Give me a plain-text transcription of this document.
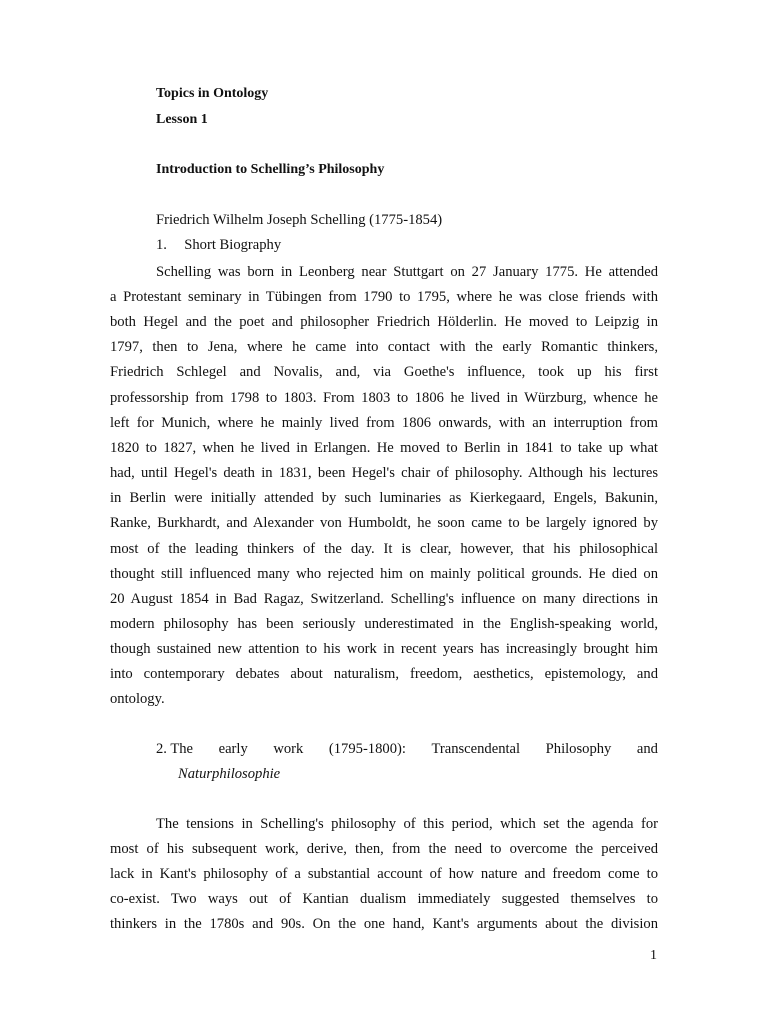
Topics in Ontology
Lesson 1
Introduction to Schelling’s Philosophy
Friedrich Wilhelm Joseph Schelling (1775-1854)
1. Short Biography
Schelling was born in Leonberg near Stuttgart on 27 January 1775. He attended
a Protestant seminary in Tübingen from 1790 to 1795, where he was close friends with
both Hegel and the poet and philosopher Friedrich Hölderlin. He moved to Leipzig in
1797, then to Jena, where he came into contact with the early Romantic thinkers,
Friedrich Schlegel and Novalis, and, via Goethe's influence, took up his first
professorship from 1798 to 1803. From 1803 to 1806 he lived in Würzburg, whence he
left for Munich, where he mainly lived from 1806 onwards, with an interruption from
1820 to 1827, when he lived in Erlangen. He moved to Berlin in 1841 to take up what
had, until Hegel's death in 1831, been Hegel's chair of philosophy. Although his lectures
in Berlin were initially attended by such luminaries as Kierkegaard, Engels, Bakunin,
Ranke, Burkhardt, and Alexander von Humboldt, he soon came to be largely ignored by
most of the leading thinkers of the day. It is clear, however, that his philosophical
thought still influenced many who rejected him on mainly political grounds. He died on
20 August 1854 in Bad Ragaz, Switzerland. Schelling's influence on many directions in
modern philosophy has been seriously underestimated in the English-speaking world,
though sustained new attention to his work in recent years has increasingly brought him
into contemporary debates about naturalism, freedom, aesthetics, epistemology, and
ontology.
2. The early work (1795-1800): Transcendental Philosophy and
Naturphilosophie
The tensions in Schelling's philosophy of this period, which set the agenda for
most of his subsequent work, derive, then, from the need to overcome the perceived
lack in Kant's philosophy of a substantial account of how nature and freedom come to
co-exist. Two ways out of Kantian dualism immediately suggested themselves to
thinkers in the 1780s and 90s. On the one hand, Kant's arguments about the division
1
